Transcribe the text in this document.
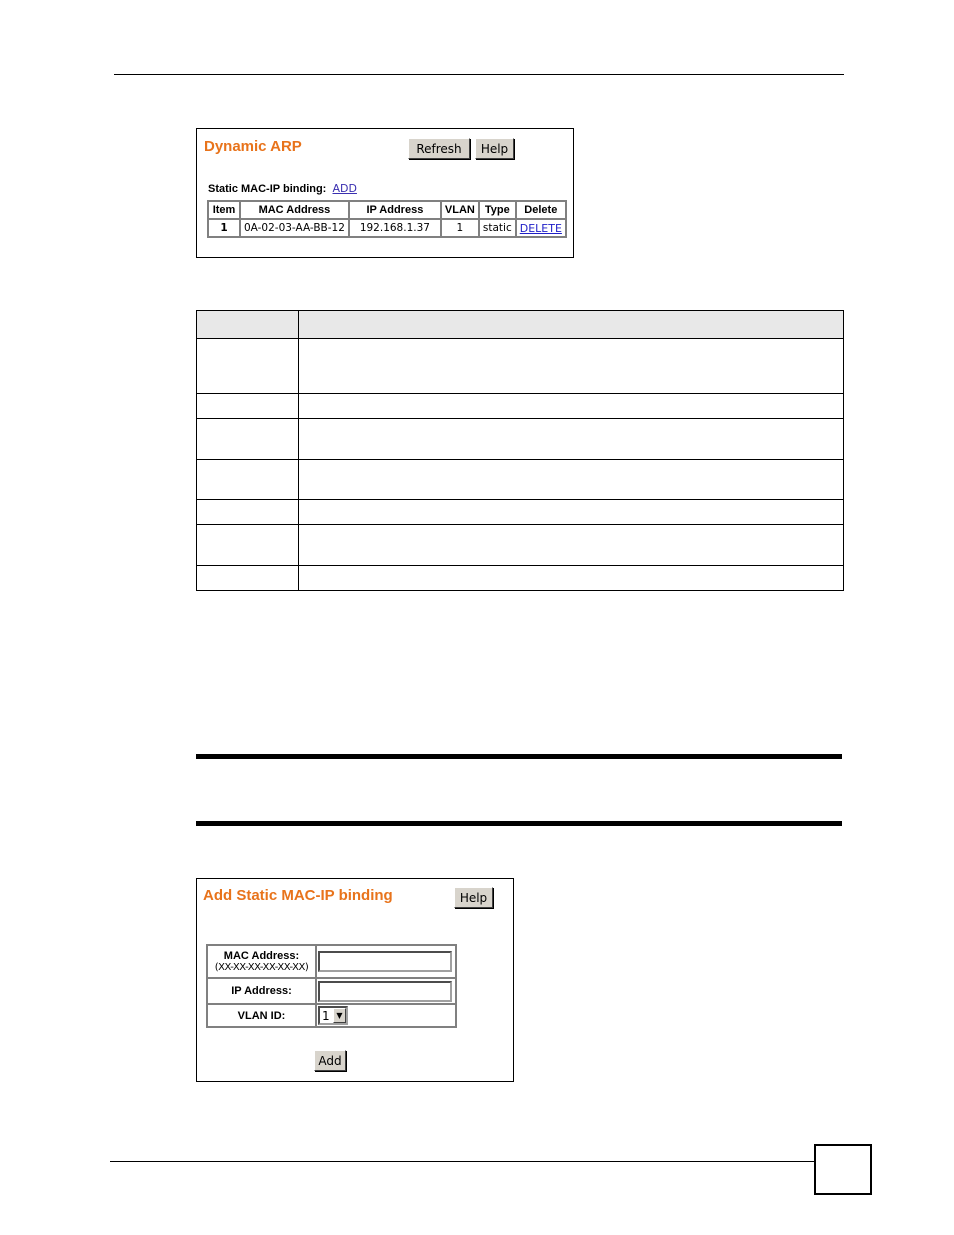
Dynamic ARP	Refresh	Help
Static MAC-IP binding: ADD
Item	MAC Address	IP Address	VLAN	Type	Delete
1	0A-02-03-AA-BB-12	192.168.1.37	1	static	DELETE
Add Static MAC-IP binding	Help
MAC Address:
(XX-XX-XX-XX-XX-XX)	

IP Address:	

VLAN ID:	1 ▼
Add
